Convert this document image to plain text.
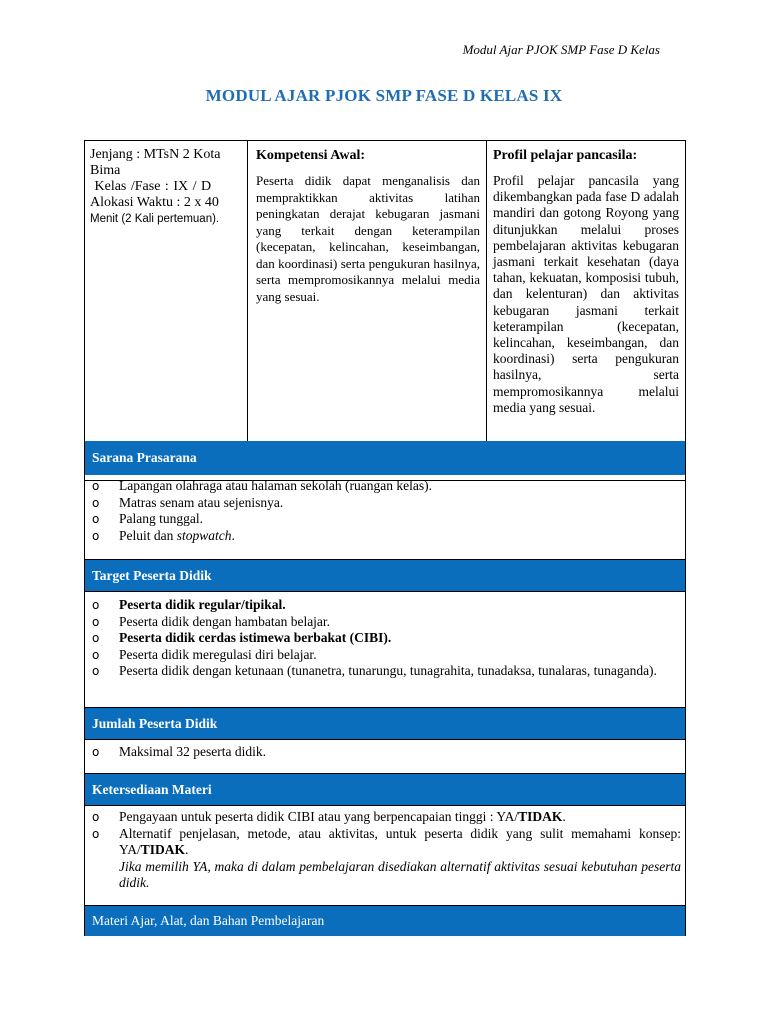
Modul Ajar PJOK SMP Fase D Kelas
MODUL AJAR PJOK SMP FASE D KELAS IX
Jenjang : MTsN 2 Kota Bima
Kelas /Fase : IX / D
Alokasi Waktu : 2 x 40
Menit (2 Kali pertemuan).
Kompetensi Awal:
Peserta didik dapat menganalisis dan mempraktikkan aktivitas latihan peningkatan derajat kebugaran jasmani yang terkait dengan keterampilan (kecepatan, kelincahan, keseimbangan, dan koordinasi) serta pengukuran hasilnya, serta mempromosikannya melalui media yang sesuai.
Profil pelajar pancasila:
Profil pelajar pancasila yang dikembangkan pada fase D adalah mandiri dan gotong Royong yang ditunjukkan melalui proses pembelajaran aktivitas kebugaran jasmani terkait kesehatan (daya tahan, kekuatan, komposisi tubuh, dan kelenturan) dan aktivitas kebugaran jasmani terkait keterampilan (kecepatan, kelincahan, keseimbangan, dan koordinasi) serta pengukuran hasilnya, serta mempromosikannya melalui media yang sesuai.
Sarana Prasarana
o Lapangan olahraga atau halaman sekolah (ruangan kelas).
o Matras senam atau sejenisnya.
o Palang tunggal.
o Peluit dan stopwatch.
Target Peserta Didik
o Peserta didik regular/tipikal.
o Peserta didik dengan hambatan belajar.
o Peserta didik cerdas istimewa berbakat (CIBI).
o Peserta didik meregulasi diri belajar.
o Peserta didik dengan ketunaan (tunanetra, tunarungu, tunagrahita, tunadaksa, tunalaras, tunaganda).
Jumlah Peserta Didik
o Maksimal 32 peserta didik.
Ketersediaan Materi
o Pengayaan untuk peserta didik CIBI atau yang berpencapaian tinggi : YA/TIDAK.
o Alternatif penjelasan, metode, atau aktivitas, untuk peserta didik yang sulit memahami konsep: YA/TIDAK.
Jika memilih YA, maka di dalam pembelajaran disediakan alternatif aktivitas sesuai kebutuhan peserta didik.
Materi Ajar, Alat, dan Bahan Pembelajaran
